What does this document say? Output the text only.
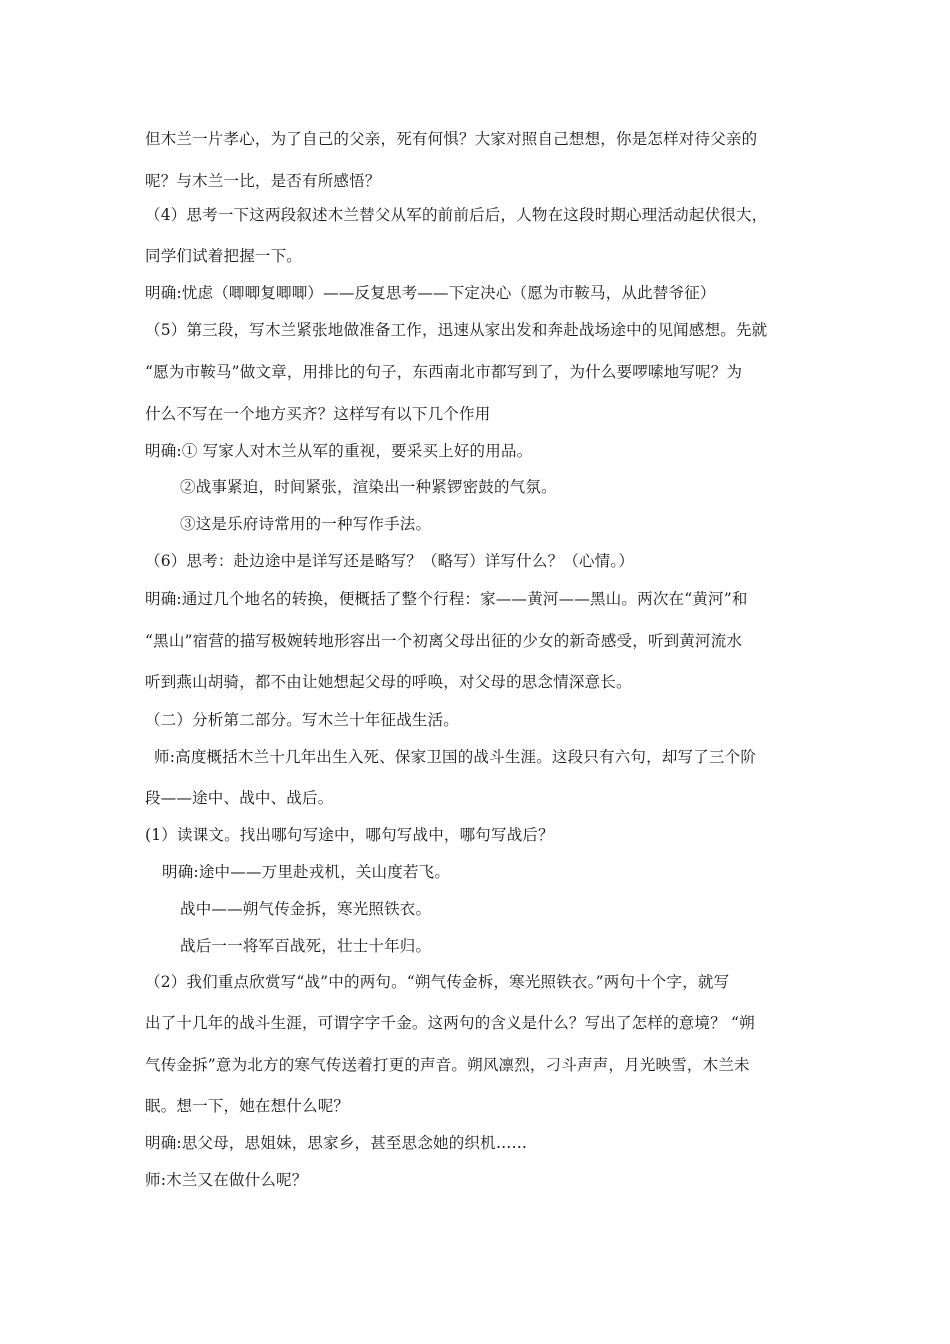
但木兰一片孝心，为了自己的父亲，死有何惧？大家对照自己想想，你是怎样对待父亲的
呢？与木兰一比，是否有所感悟？
（4）思考一下这两段叙述木兰替父从军的前前后后，人物在这段时期心理活动起伏很大，
同学们试着把握一下。
明确:忧虑（唧唧复唧唧）——反复思考——下定决心（愿为市鞍马，从此替爷征）
（5）第三段，写木兰紧张地做准备工作，迅速从家出发和奔赴战场途中的见闻感想。先就
“愿为市鞍马”做文章，用排比的句子，东西南北市都写到了，为什么要啰嗦地写呢？为
什么不写在一个地方买齐？这样写有以下几个作用
明确:① 写家人对木兰从军的重视，要采买上好的用品。
②战事紧迫，时间紧张，渲染出一种紧锣密鼓的气氛。
③这是乐府诗常用的一种写作手法。
（6）思考：赴边途中是详写还是略写？（略写）详写什么？（心情。）
明确:通过几个地名的转换，便概括了整个行程：家——黄河——黑山。两次在“黄河”和
“黑山”宿营的描写极婉转地形容出一个初离父母出征的少女的新奇感受，听到黄河流水
听到燕山胡骑，都不由让她想起父母的呼唤，对父母的思念情深意长。
（二）分析第二部分。写木兰十年征战生活。
师:高度概括木兰十几年出生入死、保家卫国的战斗生涯。这段只有六句，却写了三个阶
段——途中、战中、战后。
(1）读课文。找出哪句写途中，哪句写战中，哪句写战后？
明确:途中——万里赴戎机，关山度若飞。
战中——朔气传金拆，寒光照铁衣。
战后一一将军百战死，壮士十年归。
（2）我们重点欣赏写“战”中的两句。“朔气传金柝，寒光照铁衣。”两句十个字，就写
出了十几年的战斗生涯，可谓字字千金。这两句的含义是什么？写出了怎样的意境？ “朔
气传金拆”意为北方的寒气传送着打更的声音。朔风凛烈，刁斗声声，月光映雪，木兰未
眠。想一下，她在想什么呢？
明确:思父母，思姐妹，思家乡，甚至思念她的织机……
师:木兰又在做什么呢？
